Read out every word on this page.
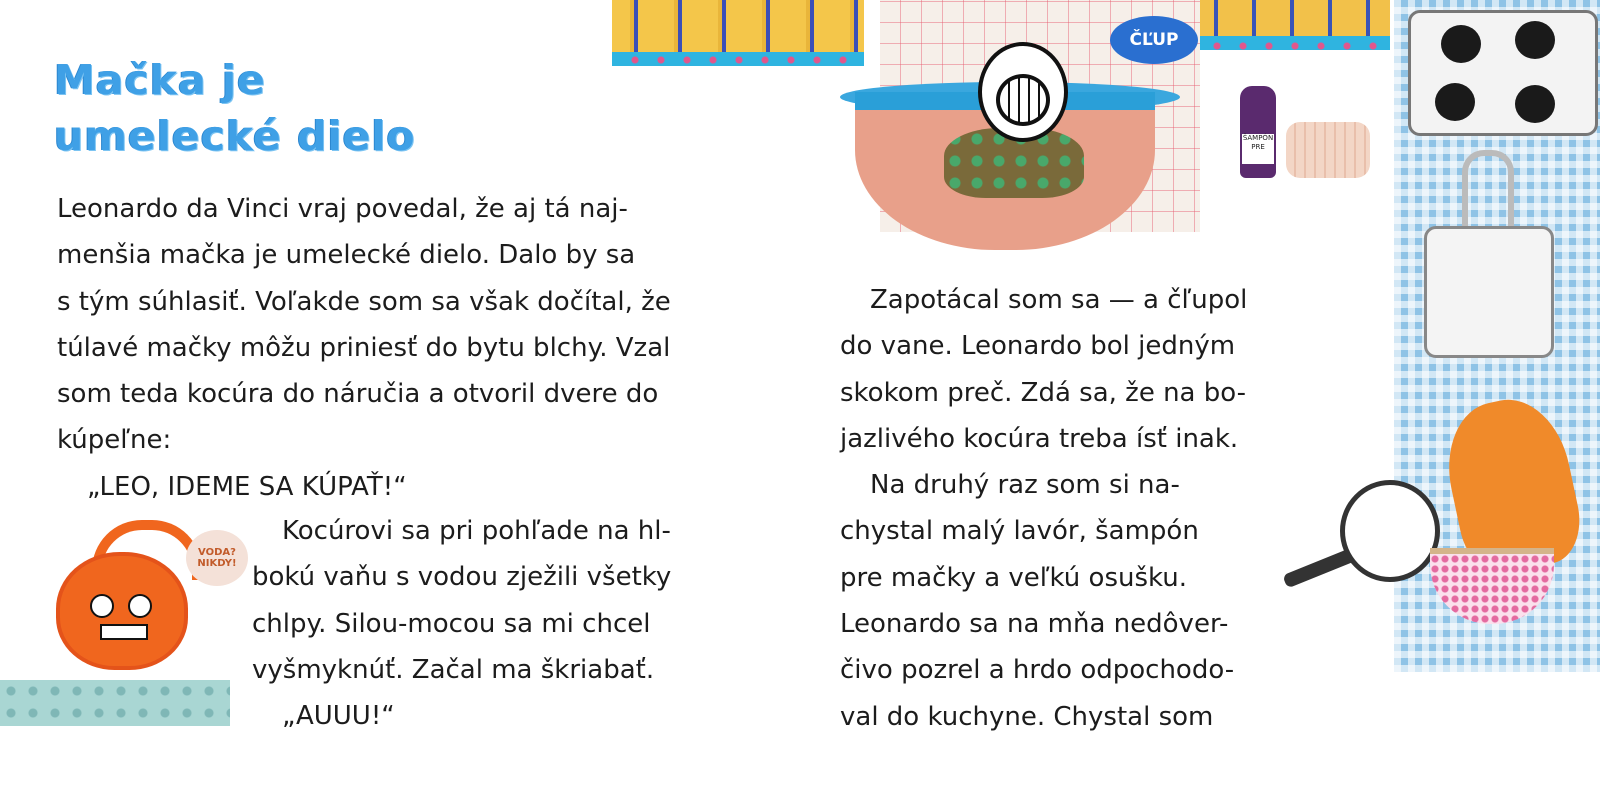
Mačka je
umelecké dielo
Leonardo da Vinci vraj povedal, že aj tá naj-
menšia mačka je umelecké dielo. Dalo by sa
s tým súhlasiť. Voľakde som sa však dočítal, že
túlavé mačky môžu priniesť do bytu blchy. Vzal
som teda kocúra do náručia a otvoril dvere do
kúpeľne:
„LEO, IDEME SA KÚPAŤ!“
Kocúrovi sa pri pohľade na hl-
bokú vaňu s vodou zježili všetky
chlpy. Silou-mocou sa mi chcel
vyšmyknúť. Začal ma škriabať.
„AUUU!“
Zapotácal som sa — a čľupol
do vane. Leonardo bol jedným
skokom preč. Zdá sa, že na bo-
jazlivého kocúra treba ísť inak.
Na druhý raz som si na-
chystal malý lavór, šampón
pre mačky a veľkú osušku.
Leonardo sa na mňa nedôver-
čivo pozrel a hrdo odpochodo-
val do kuchyne. Chystal som
ČĽUP
ŠAMPÓN PRE
VODA? NIKDY!
